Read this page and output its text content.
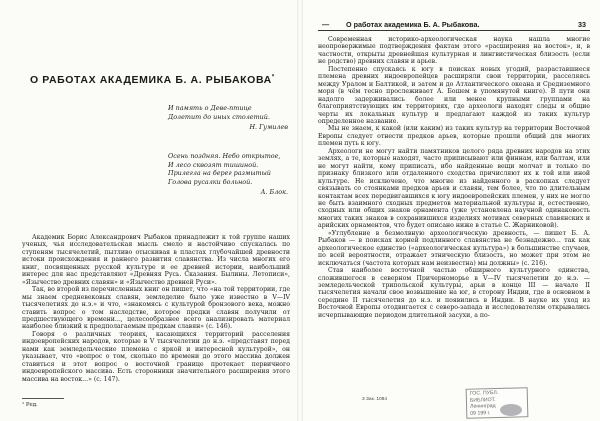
О РАБОТАХ АКАДЕМИКА Б. А. РЫБАКОВА*
И память о Деве-птице
Долетит до иных столетий.
Н. Гумилев
Осень поздняя. Небо открытое,
И лесо сквозят тишиной.
Прилегла на берег размытый
Голова русалки больной.
А. Блок.

Академик Борис Александрович Рыбаков принадлежит к той группе наших ученых, чья исследовательская мысль смело и настойчиво спускалась по ступеням тысячелетий, пытливо отыскивая в пластах глубочайшей древности истоки происхождения и раннего развития славянства. Из числа многих его книг, посвященных русской культуре и ее древней истории, наибольший интерес для нас представляют «Древняя Русь. Сказания. Былины. Летописи», «Язычество древних славян» и «Язычество древней Руси».

Так, во второй из перечисленных книг он пишет, что «на той территории, где мы знаем средневековых славян, земледелие было уже известно в V—IV тысячелетиях до н.э.» и что, «знакомясь с культурой бронзового века, можно ставить вопрос о том наследстве, которое предки славян получили от предшествующего времени..., целесообразнее всего анализировать материал наиболее близкий к предполагаемым предкам славян» (с. 146).

Говоря о различных теориях, касающихся территорий расселения индоевропейских народов, которые в V тысячелетии до н.э. «представят перед нами как земледельческие племена с яркой и интересной культурой», он указывает, что «вопрос о том, сколько по времени до этого массива должен ставиться и этот вопрос о восточной границе протекает первичного индоевропейского массива. Есть сторонники значительного расширения этого массива на восток...» (с. 147).

¹ Ред.
— О работах академика Б. А. Рыбакова.	33

Современная историко-археологическая наука нашла многие неопровержимые подтверждения фактам этого «расширения на восток», и, в частности, открыты древнейшая культурная и лингвистическая близость (если не родство) древних славян и арьев.

Постепенно спускаясь к югу в поисках новых угодий, разраставшиеся племена древних индоевропейцев расширяли свои территории, расселяясь между Уралом и Балтикой, и затем и до Атлантического океана и Средиземного моря (в чём тесно прослеживает А. Бошем в упомянутой книге). В пути они надолго задерживались более или менее крупными группами на благоприятствующих им территориях, где археологи находят следы и общие черты их локальных культур и предлагают каждой из таких культур определенное название.

Мы не знаем, к какой (или каким) из таких культур на территории Восточной Европы следует отнести предков арьев, которые прошли общий для многих племен путь к югу.

Археологи не могут найти памятников целого ряда древних народов на этих землях, а те, которые находят, часто приписывают или финнам, или балтам, или не могут найти, кому приписать, ибо найденные вещи молчат и только по признаку близкого или отдаленного сходства причисляют их к той или иной культуре. Не исключено, что многие из найденного в раскопках следует связывать со стоянками предков арьев и славян, тем более, что по длительным контактам всех передвигавшихся к югу индоевропейских племен, у них не могло не быть взаимного сходных предметов материальной культуры и, естественно, сходных или общих знаков орнамента (уже установлена научной одинаковость многих таких знаков в сохранившихся изделиях мотивах северных славянских и арийских орнаментов, что будет описано ниже в статье С. Жарниковой).

«Углубление в безмолвную археологическую древность, — пишет Б. А. Рыбаков — в поисках корней подлинного славянства не безнадежно... так как археологическое единство («археологическая культура») в большинстве случаев, по всей вероятности, отражает этническую близость, но может при этом не исключаться (частота которых нам неизвестна) мы должны» (с. 216).

Став наиболее восточной частью обширного культурного единства, сложившегося в северном Причерноморье в V—IV тысячелетии до н.э. — земледельческой трипольской культуры, арьи в конце III — начале II тысячелетия начали свое возвышение на юг, в сторону Индии, где в основном в середине II тысячелетия до н.э. и появились в Индии. В науке их уход из Восточной Европы отодвигается с северо-запада и исследователям открывались исчерпывающие периодом длительной засухи, а по-

3 Зак. 1084
ГОС. ПУБЛ.
БИБЛИОТ.
Ленинград
09 199 г.
